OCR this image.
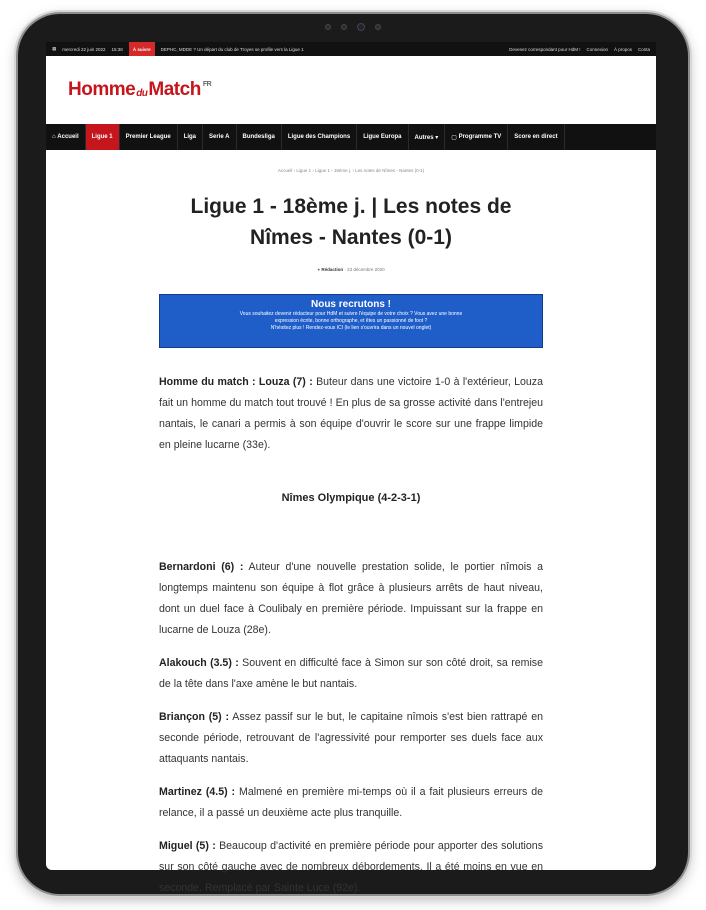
▦ mercredi 22 juin 2022 15:38	À suivre	DEPHC, MDDE ? Un départ du club de Troyes se profile vers la Ligue 1	Devenez correspondant pour HdM ! Connexion À propos Conta
Homme du Match FR
⌂ Accueil	Ligue 1	Premier League	Liga	Serie A	Bundesliga	Ligue des Champions	Ligue Europa	Autres ▾	▢ Programme TV	Score en direct
Accueil › Ligue 1 › Ligue 1 › 18ème j. › Les notes de Nîmes - Nantes (0-1)
Ligue 1 - 18ème j. | Les notes de Nîmes - Nantes (0-1)
● Rédaction · 23 décembre 2020
Nous recrutons !
Vous souhaitez devenir rédacteur pour HdM et suivre l'équipe de votre choix ? Vous avez une bonne
expression écrite, bonne orthographe, et êtes un passionné de foot ?
N'hésitez plus ! Rendez-vous ICI (le lien s'ouvrira dans un nouvel onglet)

Homme du match : Louza (7) : Buteur dans une victoire 1-0 à l'extérieur, Louza fait un homme du match tout trouvé ! En plus de sa grosse activité dans l'entrejeu nantais, le canari a permis à son équipe d'ouvrir le score sur une frappe limpide en pleine lucarne (33e).

Nîmes Olympique (4-2-3-1)

Bernardoni (6) : Auteur d'une nouvelle prestation solide, le portier nîmois a longtemps maintenu son équipe à flot grâce à plusieurs arrêts de haut niveau, dont un duel face à Coulibaly en première période. Impuissant sur la frappe en lucarne de Louza (28e).

Alakouch (3.5) : Souvent en difficulté face à Simon sur son côté droit, sa remise de la tête dans l'axe amène le but nantais.

Briançon (5) : Assez passif sur le but, le capitaine nîmois s'est bien rattrapé en seconde période, retrouvant de l'agressivité pour remporter ses duels face aux attaquants nantais.

Martinez (4.5) : Malmené en première mi-temps où il a fait plusieurs erreurs de relance, il a passé un deuxième acte plus tranquille.

Miguel (5) : Beaucoup d'activité en première période pour apporter des solutions sur son côté gauche avec de nombreux débordements. Il a été moins en vue en seconde. Remplacé par Sainte Luce (92e).
